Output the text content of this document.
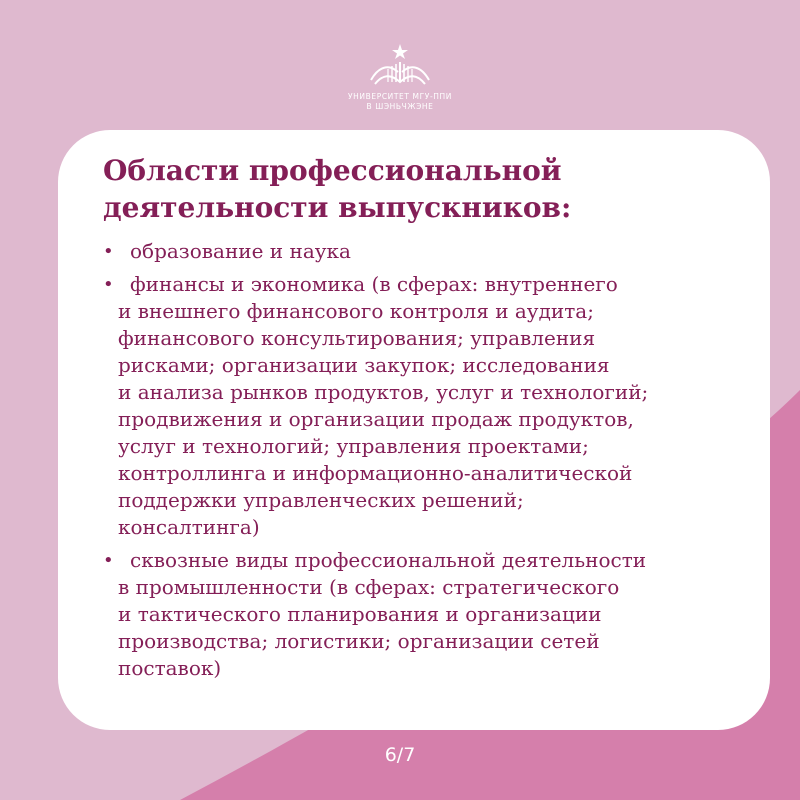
УНИВЕРСИТЕТ МГУ-ППИ
В ШЭНЬЧЖЭНЕ
Области профессиональной деятельности выпускников:
• образование и наука
• финансы и экономика (в сферах: внутреннего
и внешнего финансового контроля и аудита;
финансового консультирования; управления
рисками; организации закупок; исследования
и анализа рынков продуктов, услуг и технологий;
продвижения и организации продаж продуктов,
услуг и технологий; управления проектами;
контроллинга и информационно-аналитической
поддержки управленческих решений;
консалтинга)
• сквозные виды профессиональной деятельности
в промышленности (в сферах: стратегического
и тактического планирования и организации
производства; логистики; организации сетей
поставок)
6/7
